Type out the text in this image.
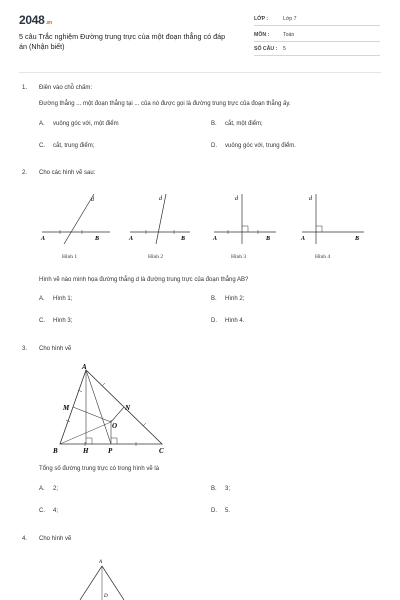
2048.vn
5 câu Trắc nghiệm Đường trung trực của một đoạn thẳng có đáp án (Nhận biết)
LỚP :	Lớp 7
MÔN :	Toán
SỐ CÂU : 5
1. Điền vào chỗ chấm:
Đường thẳng ... một đoạn thẳng tại ... của nó được gọi là đường trung trực của đoạn thẳng ấy.
A. vuông góc với, một điểm	B. cắt, một điểm;
C. cắt, trung điểm;	D. vuông góc với, trung điểm.
2. Cho các hình vẽ sau:
A	B
d
Hình 1
A	B
d
Hình 2
A	B
d
Hình 3
A	B
d
Hình 4
Hình vẽ nào minh họa đường thẳng d là đường trung trực của đoạn thẳng AB?
A. Hình 1;	B. Hình 2;
C. Hình 3;	D. Hình 4.
3. Cho hình vẽ
A
B	C
H	P
M	N
O
Tổng số đường trung trực có trong hình vẽ là
A. 2;	B. 3;
C. 4;	D. 5.
4. Cho hình vẽ
A
D
